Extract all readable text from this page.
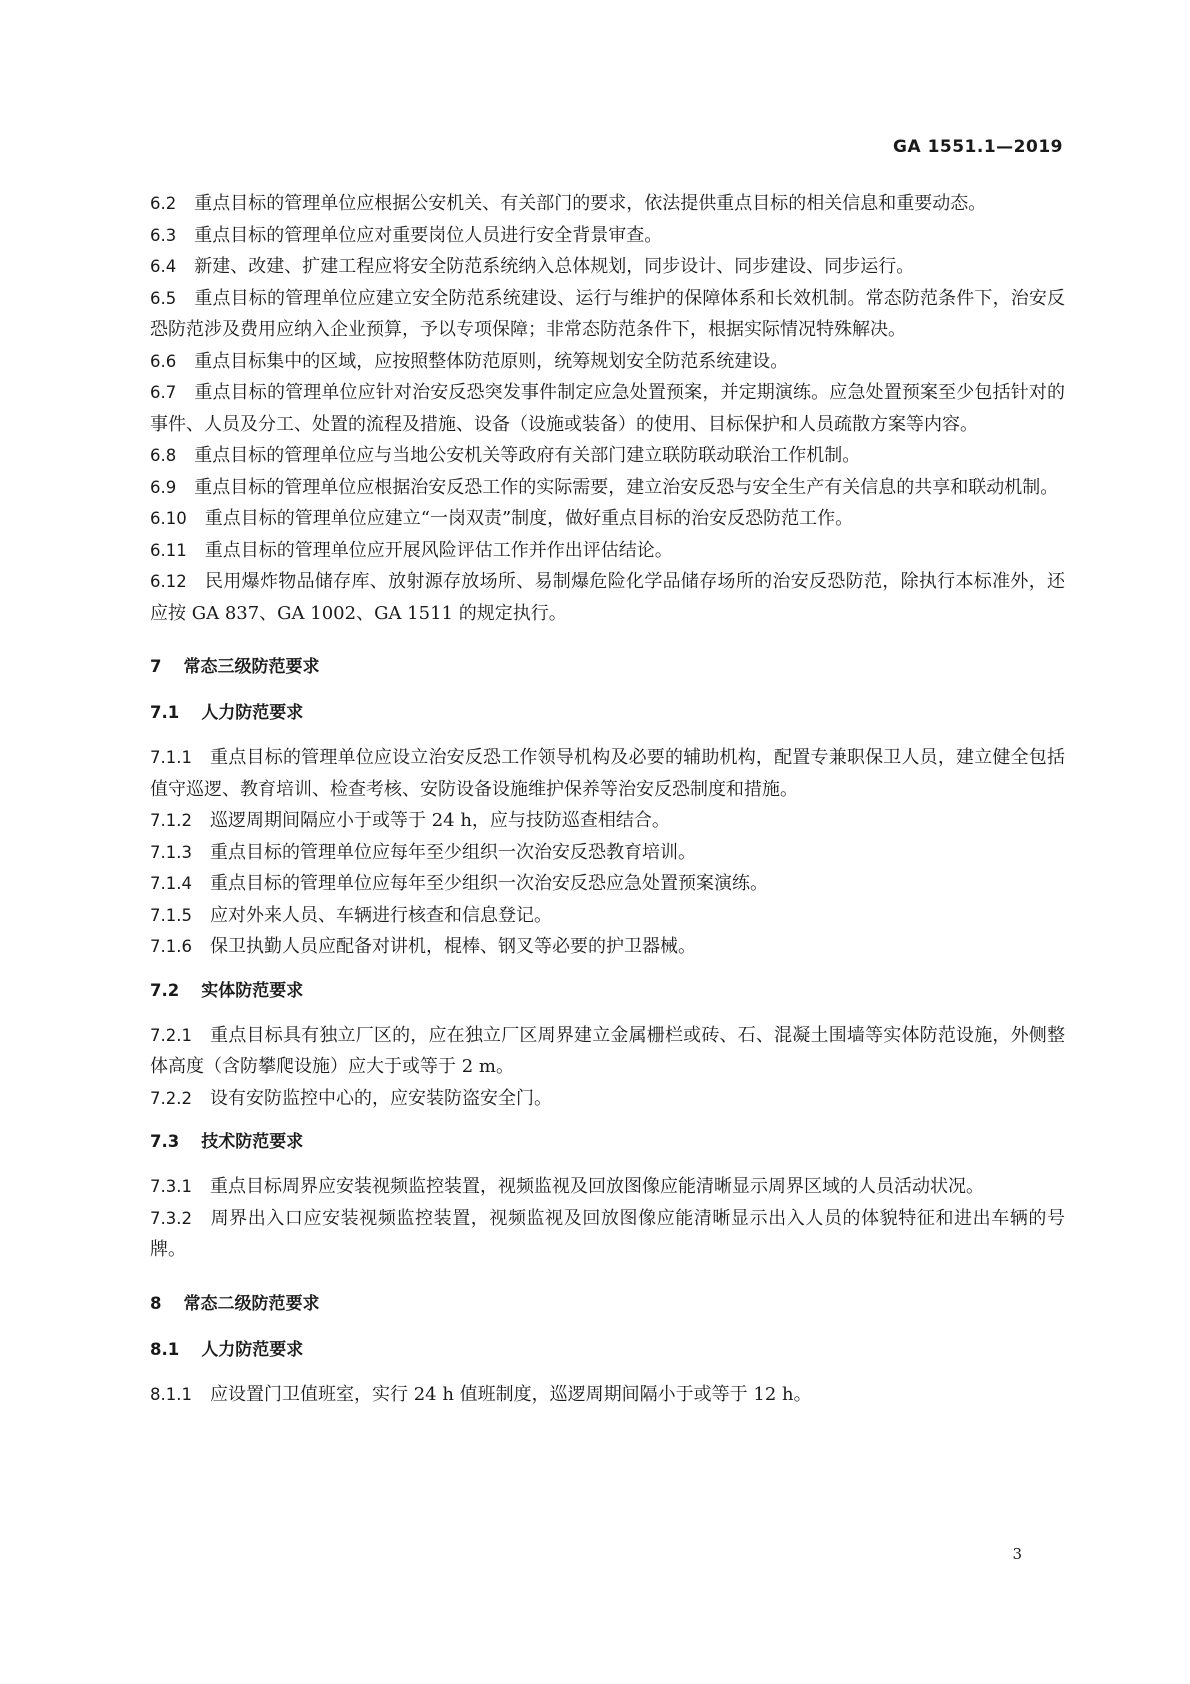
GA 1551.1—2019

6.2 重点目标的管理单位应根据公安机关、有关部门的要求，依法提供重点目标的相关信息和重要动态。

6.3 重点目标的管理单位应对重要岗位人员进行安全背景审查。

6.4 新建、改建、扩建工程应将安全防范系统纳入总体规划，同步设计、同步建设、同步运行。

6.5 重点目标的管理单位应建立安全防范系统建设、运行与维护的保障体系和长效机制。常态防范条件下，治安反恐防范涉及费用应纳入企业预算，予以专项保障；非常态防范条件下，根据实际情况特殊解决。

6.6 重点目标集中的区域，应按照整体防范原则，统筹规划安全防范系统建设。

6.7 重点目标的管理单位应针对治安反恐突发事件制定应急处置预案，并定期演练。应急处置预案至少包括针对的事件、人员及分工、处置的流程及措施、设备（设施或装备）的使用、目标保护和人员疏散方案等内容。

6.8 重点目标的管理单位应与当地公安机关等政府有关部门建立联防联动联治工作机制。

6.9 重点目标的管理单位应根据治安反恐工作的实际需要，建立治安反恐与安全生产有关信息的共享和联动机制。

6.10 重点目标的管理单位应建立“一岗双责”制度，做好重点目标的治安反恐防范工作。

6.11 重点目标的管理单位应开展风险评估工作并作出评估结论。

6.12 民用爆炸物品储存库、放射源存放场所、易制爆危险化学品储存场所的治安反恐防范，除执行本标准外，还应按 GA 837、GA 1002、GA 1511 的规定执行。

7 常态三级防范要求
7.1 人力防范要求

7.1.1 重点目标的管理单位应设立治安反恐工作领导机构及必要的辅助机构，配置专兼职保卫人员，建立健全包括值守巡逻、教育培训、检查考核、安防设备设施维护保养等治安反恐制度和措施。

7.1.2 巡逻周期间隔应小于或等于 24 h，应与技防巡查相结合。

7.1.3 重点目标的管理单位应每年至少组织一次治安反恐教育培训。

7.1.4 重点目标的管理单位应每年至少组织一次治安反恐应急处置预案演练。

7.1.5 应对外来人员、车辆进行核查和信息登记。

7.1.6 保卫执勤人员应配备对讲机，棍棒、钢叉等必要的护卫器械。

7.2 实体防范要求

7.2.1 重点目标具有独立厂区的，应在独立厂区周界建立金属栅栏或砖、石、混凝土围墙等实体防范设施，外侧整体高度（含防攀爬设施）应大于或等于 2 m。

7.2.2 设有安防监控中心的，应安装防盗安全门。

7.3 技术防范要求

7.3.1 重点目标周界应安装视频监控装置，视频监视及回放图像应能清晰显示周界区域的人员活动状况。

7.3.2 周界出入口应安装视频监控装置，视频监视及回放图像应能清晰显示出入人员的体貌特征和进出车辆的号牌。

8 常态二级防范要求
8.1 人力防范要求

8.1.1 应设置门卫值班室，实行 24 h 值班制度，巡逻周期间隔小于或等于 12 h。

3
